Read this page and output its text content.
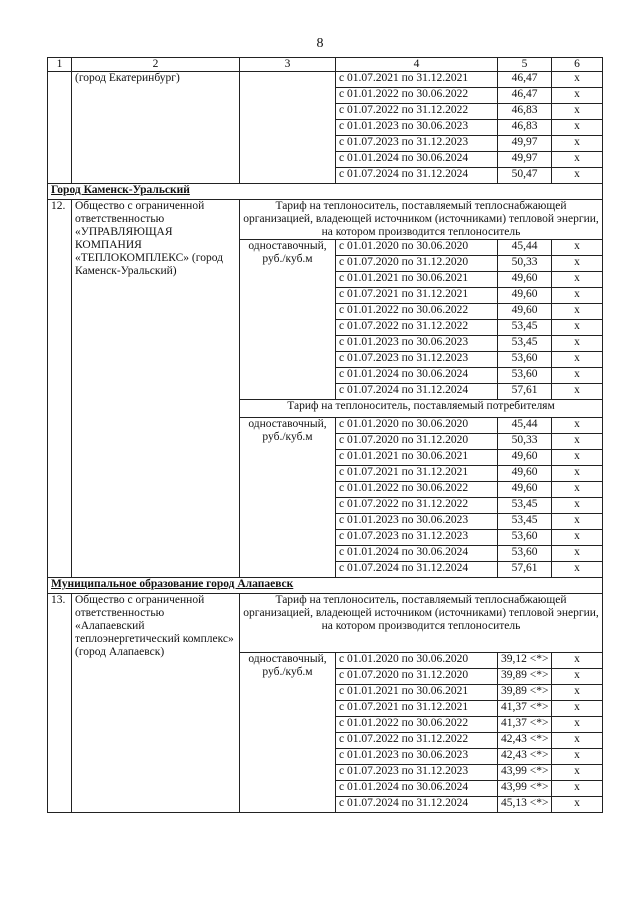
8
1	2	3	4	5	6
	(город Екатеринбург)		с 01.07.2021 по 31.12.2021	46,47	х
			с 01.01.2022 по 30.06.2022	46,47	х
			с 01.07.2022 по 31.12.2022	46,83	х
			с 01.01.2023 по 30.06.2023	46,83	х
			с 01.07.2023 по 31.12.2023	49,97	х
			с 01.01.2024 по 30.06.2024	49,97	х
			с 01.07.2024 по 31.12.2024	50,47	х
Город Каменск-Уральский					
12.	Общество с ограниченной ответственностью «УПРАВЛЯЮЩАЯ КОМПАНИЯ «ТЕПЛОКОМПЛЕКС» (город Каменск-Уральский)	Тариф на теплоноситель, поставляемый теплоснабжающей организацией, владеющей источником (источниками) тепловой энергии, на котором производится теплоноситель			
		одноставочный, руб./куб.м	с 01.01.2020 по 30.06.2020	45,44	х
			с 01.07.2020 по 31.12.2020	50,33	х
			с 01.01.2021 по 30.06.2021	49,60	х
			с 01.07.2021 по 31.12.2021	49,60	х
			с 01.01.2022 по 30.06.2022	49,60	х
			с 01.07.2022 по 31.12.2022	53,45	х
			с 01.01.2023 по 30.06.2023	53,45	х
			с 01.07.2023 по 31.12.2023	53,60	х
			с 01.01.2024 по 30.06.2024	53,60	х
			с 01.07.2024 по 31.12.2024	57,61	х
		Тариф на теплоноситель, поставляемый потребителям			
		одноставочный, руб./куб.м	с 01.01.2020 по 30.06.2020	45,44	х
			с 01.07.2020 по 31.12.2020	50,33	х
			с 01.01.2021 по 30.06.2021	49,60	х
			с 01.07.2021 по 31.12.2021	49,60	х
			с 01.01.2022 по 30.06.2022	49,60	х
			с 01.07.2022 по 31.12.2022	53,45	х
			с 01.01.2023 по 30.06.2023	53,45	х
			с 01.07.2023 по 31.12.2023	53,60	х
			с 01.01.2024 по 30.06.2024	53,60	х
			с 01.07.2024 по 31.12.2024	57,61	х
Муниципальное образование город Алапаевск					
13.	Общество с ограниченной ответственностью «Алапаевский теплоэнергетический комплекс» (город Алапаевск)	Тариф на теплоноситель, поставляемый теплоснабжающей организацией, владеющей источником (источниками) тепловой энергии, на котором производится теплоноситель			
		одноставочный, руб./куб.м	с 01.01.2020 по 30.06.2020	39,12 <*>	х
			с 01.07.2020 по 31.12.2020	39,89 <*>	х
			с 01.01.2021 по 30.06.2021	39,89 <*>	х
			с 01.07.2021 по 31.12.2021	41,37 <*>	х
			с 01.01.2022 по 30.06.2022	41,37 <*>	х
			с 01.07.2022 по 31.12.2022	42,43 <*>	х
			с 01.01.2023 по 30.06.2023	42,43 <*>	х
			с 01.07.2023 по 31.12.2023	43,99 <*>	х
			с 01.01.2024 по 30.06.2024	43,99 <*>	х
			с 01.07.2024 по 31.12.2024	45,13 <*>	х
